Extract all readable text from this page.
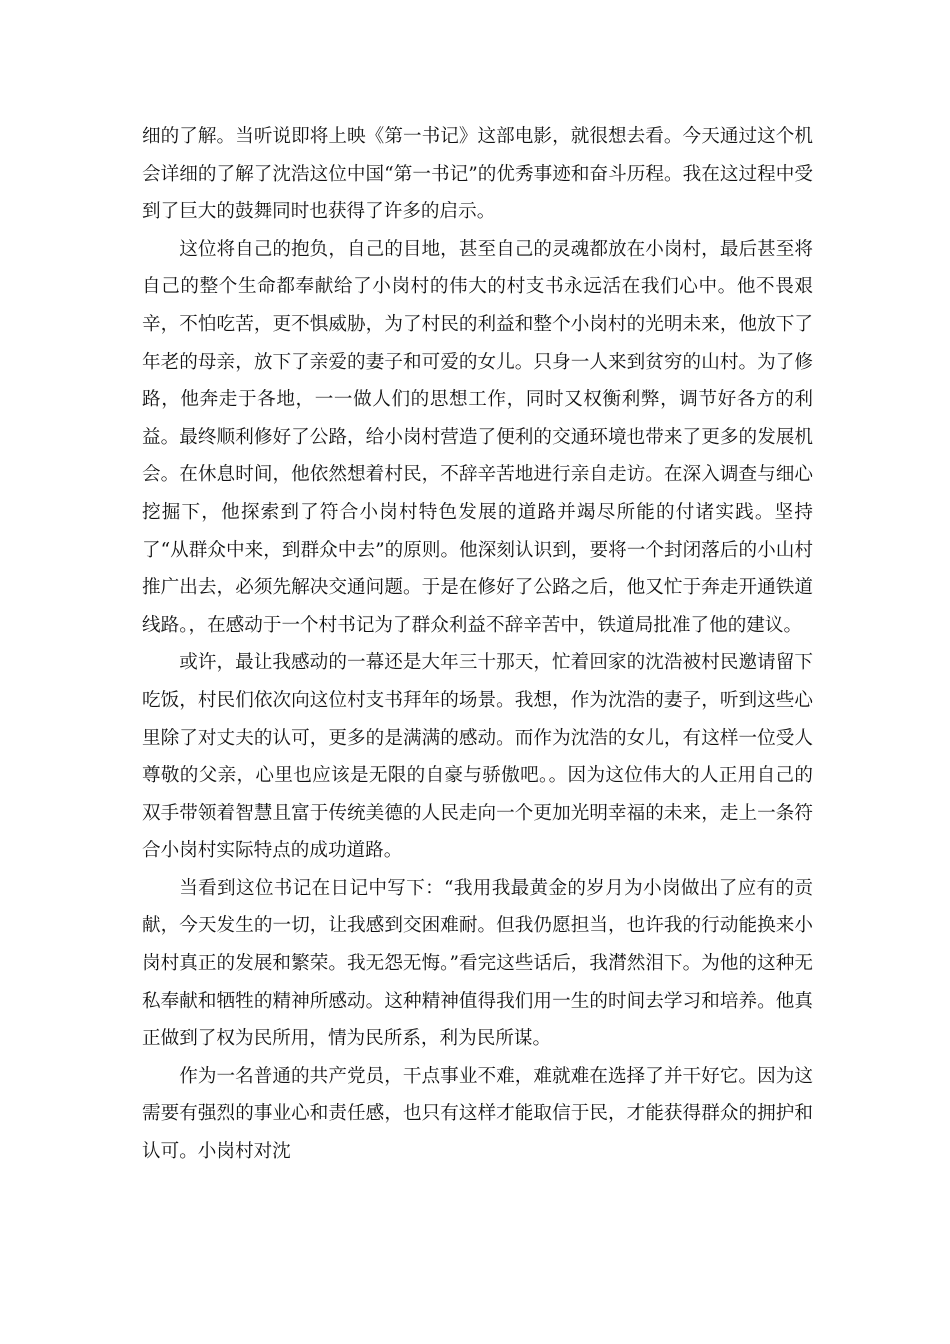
细的了解。当听说即将上映《第一书记》这部电影，就很想去看。今天通过这个机会详细的了解了沈浩这位中国“第一书记”的优秀事迹和奋斗历程。我在这过程中受到了巨大的鼓舞同时也获得了许多的启示。

这位将自己的抱负，自己的目地，甚至自己的灵魂都放在小岗村，最后甚至将自己的整个生命都奉献给了小岗村的伟大的村支书永远活在我们心中。他不畏艰辛，不怕吃苦，更不惧威胁，为了村民的利益和整个小岗村的光明未来，他放下了年老的母亲，放下了亲爱的妻子和可爱的女儿。只身一人来到贫穷的山村。为了修路，他奔走于各地，一一做人们的思想工作，同时又权衡利弊，调节好各方的利益。最终顺利修好了公路，给小岗村营造了便利的交通环境也带来了更多的发展机会。在休息时间，他依然想着村民，不辞辛苦地进行亲自走访。在深入调查与细心挖掘下，他探索到了符合小岗村特色发展的道路并竭尽所能的付诸实践。坚持了“从群众中来，到群众中去”的原则。他深刻认识到，要将一个封闭落后的小山村推广出去，必须先解决交通问题。于是在修好了公路之后，他又忙于奔走开通铁道线路。，在感动于一个村书记为了群众利益不辞辛苦中，铁道局批准了他的建议。

或许，最让我感动的一幕还是大年三十那天，忙着回家的沈浩被村民邀请留下吃饭，村民们依次向这位村支书拜年的场景。我想，作为沈浩的妻子，听到这些心里除了对丈夫的认可，更多的是满满的感动。而作为沈浩的女儿，有这样一位受人尊敬的父亲，心里也应该是无限的自豪与骄傲吧。。因为这位伟大的人正用自己的双手带领着智慧且富于传统美德的人民走向一个更加光明幸福的未来，走上一条符合小岗村实际特点的成功道路。

当看到这位书记在日记中写下：“我用我最黄金的岁月为小岗做出了应有的贡献，今天发生的一切，让我感到交困难耐。但我仍愿担当，也许我的行动能换来小岗村真正的发展和繁荣。我无怨无悔。”看完这些话后，我潸然泪下。为他的这种无私奉献和牺牲的精神所感动。这种精神值得我们用一生的时间去学习和培养。他真正做到了权为民所用，情为民所系，利为民所谋。

作为一名普通的共产党员，干点事业不难，难就难在选择了并干好它。因为这需要有强烈的事业心和责任感，也只有这样才能取信于民，才能获得群众的拥护和认可。小岗村对沈
